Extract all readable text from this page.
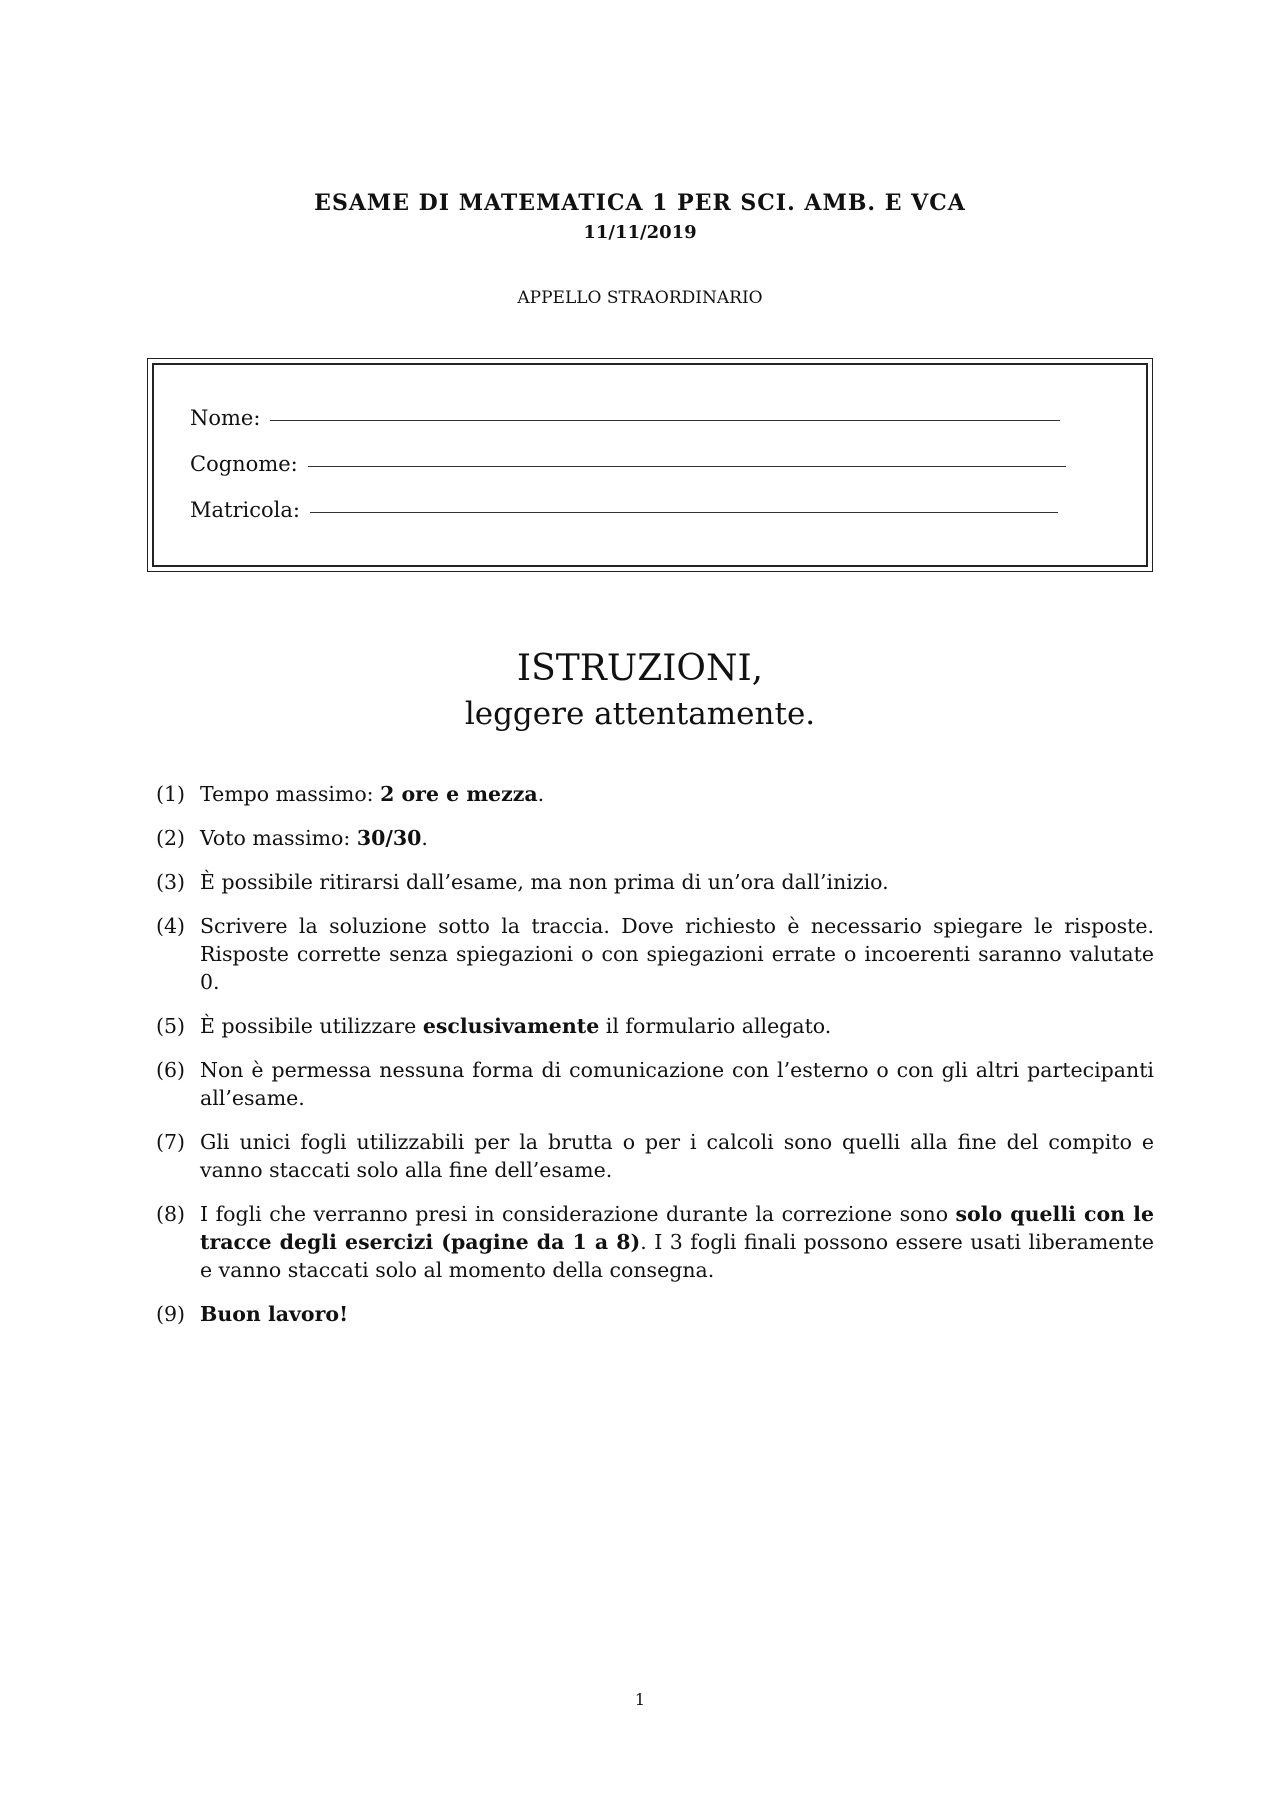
ESAME DI MATEMATICA 1 PER SCI. AMB. E VCA
11/11/2019
APPELLO STRAORDINARIO
Nome:
Cognome:
Matricola:
ISTRUZIONI,
leggere attentamente.
(1) Tempo massimo: 2 ore e mezza.
(2) Voto massimo: 30/30.
(3) È possibile ritirarsi dall’esame, ma non prima di un’ora dall’inizio.
(4) Scrivere la soluzione sotto la traccia. Dove richiesto è necessario spiegare le risposte. Risposte corrette senza spiegazioni o con spiegazioni errate o incoerenti saranno valutate 0.
(5) È possibile utilizzare esclusivamente il formulario allegato.
(6) Non è permessa nessuna forma di comunicazione con l’esterno o con gli altri partecipanti all’esame.
(7) Gli unici fogli utilizzabili per la brutta o per i calcoli sono quelli alla fine del compito e vanno staccati solo alla fine dell’esame.
(8) I fogli che verranno presi in considerazione durante la correzione sono solo quelli con le tracce degli esercizi (pagine da 1 a 8). I 3 fogli finali possono essere usati liberamente e vanno staccati solo al momento della consegna.
(9) Buon lavoro!
1
